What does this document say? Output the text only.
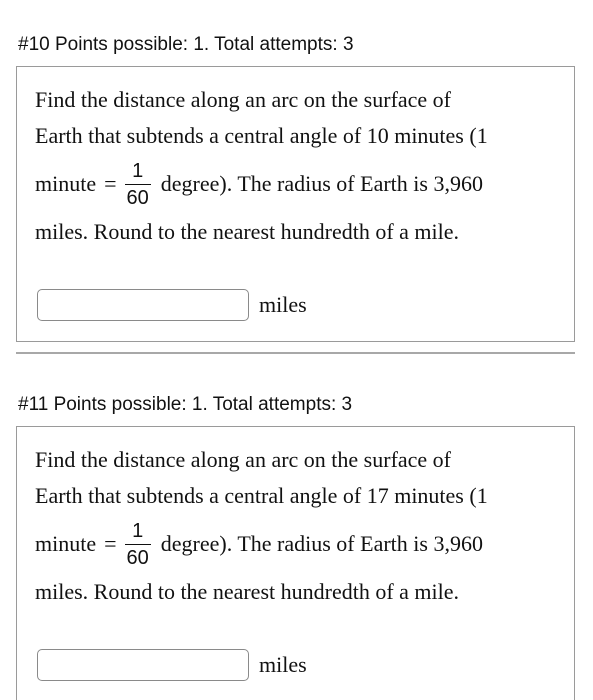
#10 Points possible: 1. Total attempts: 3
Find the distance along an arc on the surface of
Earth that subtends a central angle of 10 minutes (1
minute = $\frac{1}{60}$ degree). The radius of Earth is 3,960
miles. Round to the nearest hundredth of a mile.
miles
#11 Points possible: 1. Total attempts: 3
Find the distance along an arc on the surface of
Earth that subtends a central angle of 17 minutes (1
minute = $\frac{1}{60}$ degree). The radius of Earth is 3,960
miles. Round to the nearest hundredth of a mile.
miles
